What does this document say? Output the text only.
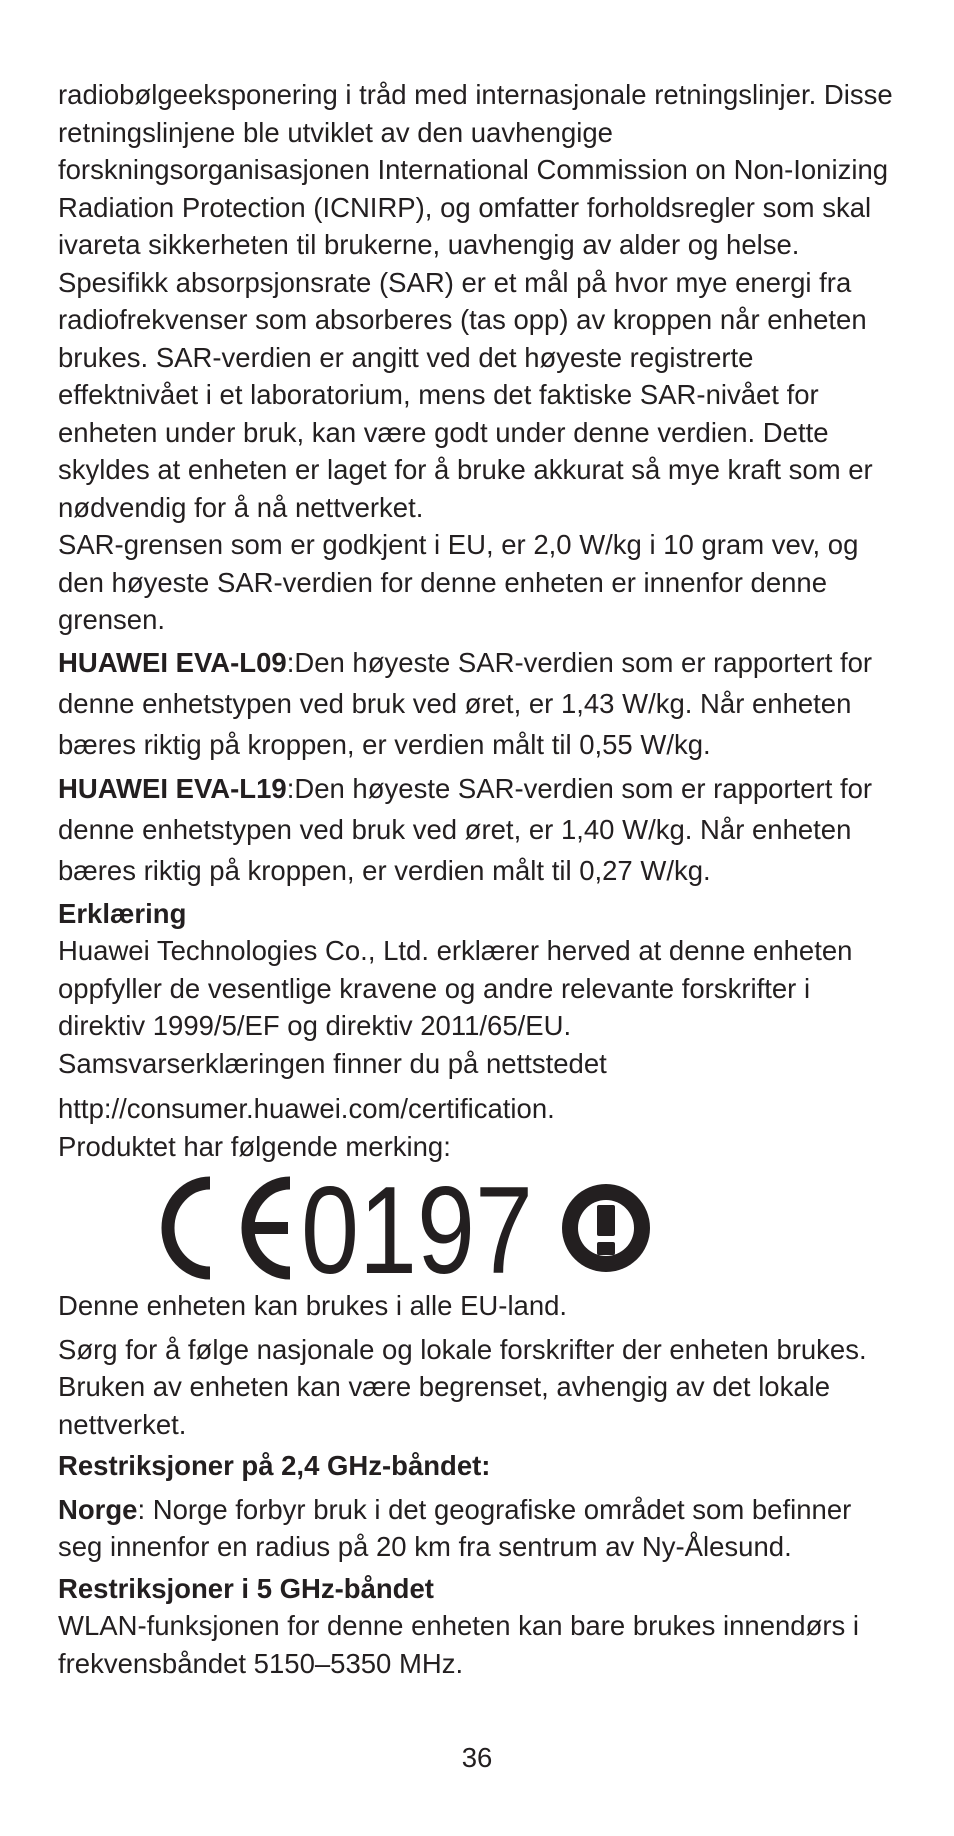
radiobølgeeksponering i tråd med internasjonale retningslinjer. Disse retningslinjene ble utviklet av den uavhengige forskningsorganisasjonen International Commission on Non-Ionizing Radiation Protection (ICNIRP), og omfatter forholdsregler som skal ivareta sikkerheten til brukerne, uavhengig av alder og helse.

Spesifikk absorpsjonsrate (SAR) er et mål på hvor mye energi fra radiofrekvenser som absorberes (tas opp) av kroppen når enheten brukes. SAR-verdien er angitt ved det høyeste registrerte effektnivået i et laboratorium, mens det faktiske SAR-nivået for enheten under bruk, kan være godt under denne verdien. Dette skyldes at enheten er laget for å bruke akkurat så mye kraft som er nødvendig for å nå nettverket.

SAR-grensen som er godkjent i EU, er 2,0 W/kg i 10 gram vev, og den høyeste SAR-verdien for denne enheten er innenfor denne grensen.

HUAWEI EVA-L09:Den høyeste SAR-verdien som er rapportert for denne enhetstypen ved bruk ved øret, er 1,43 W/kg. Når enheten bæres riktig på kroppen, er verdien målt til 0,55 W/kg.

HUAWEI EVA-L19:Den høyeste SAR-verdien som er rapportert for denne enhetstypen ved bruk ved øret, er 1,40 W/kg. Når enheten bæres riktig på kroppen, er verdien målt til 0,27 W/kg.

Erklæring

Huawei Technologies Co., Ltd. erklærer herved at denne enheten oppfyller de vesentlige kravene og andre relevante forskrifter i direktiv 1999/5/EF og direktiv 2011/65/EU.

Samsvarserklæringen finner du på nettstedet

http://consumer.huawei.com/certification.

Produktet har følgende merking:

0197

Denne enheten kan brukes i alle EU-land.

Sørg for å følge nasjonale og lokale forskrifter der enheten brukes. Bruken av enheten kan være begrenset, avhengig av det lokale nettverket.

Restriksjoner på 2,4 GHz-båndet:

Norge: Norge forbyr bruk i det geografiske området som befinner seg innenfor en radius på 20 km fra sentrum av Ny-Ålesund.

Restriksjoner i 5 GHz-båndet

WLAN-funksjonen for denne enheten kan bare brukes innendørs i frekvensbåndet 5150–5350 MHz.

36
